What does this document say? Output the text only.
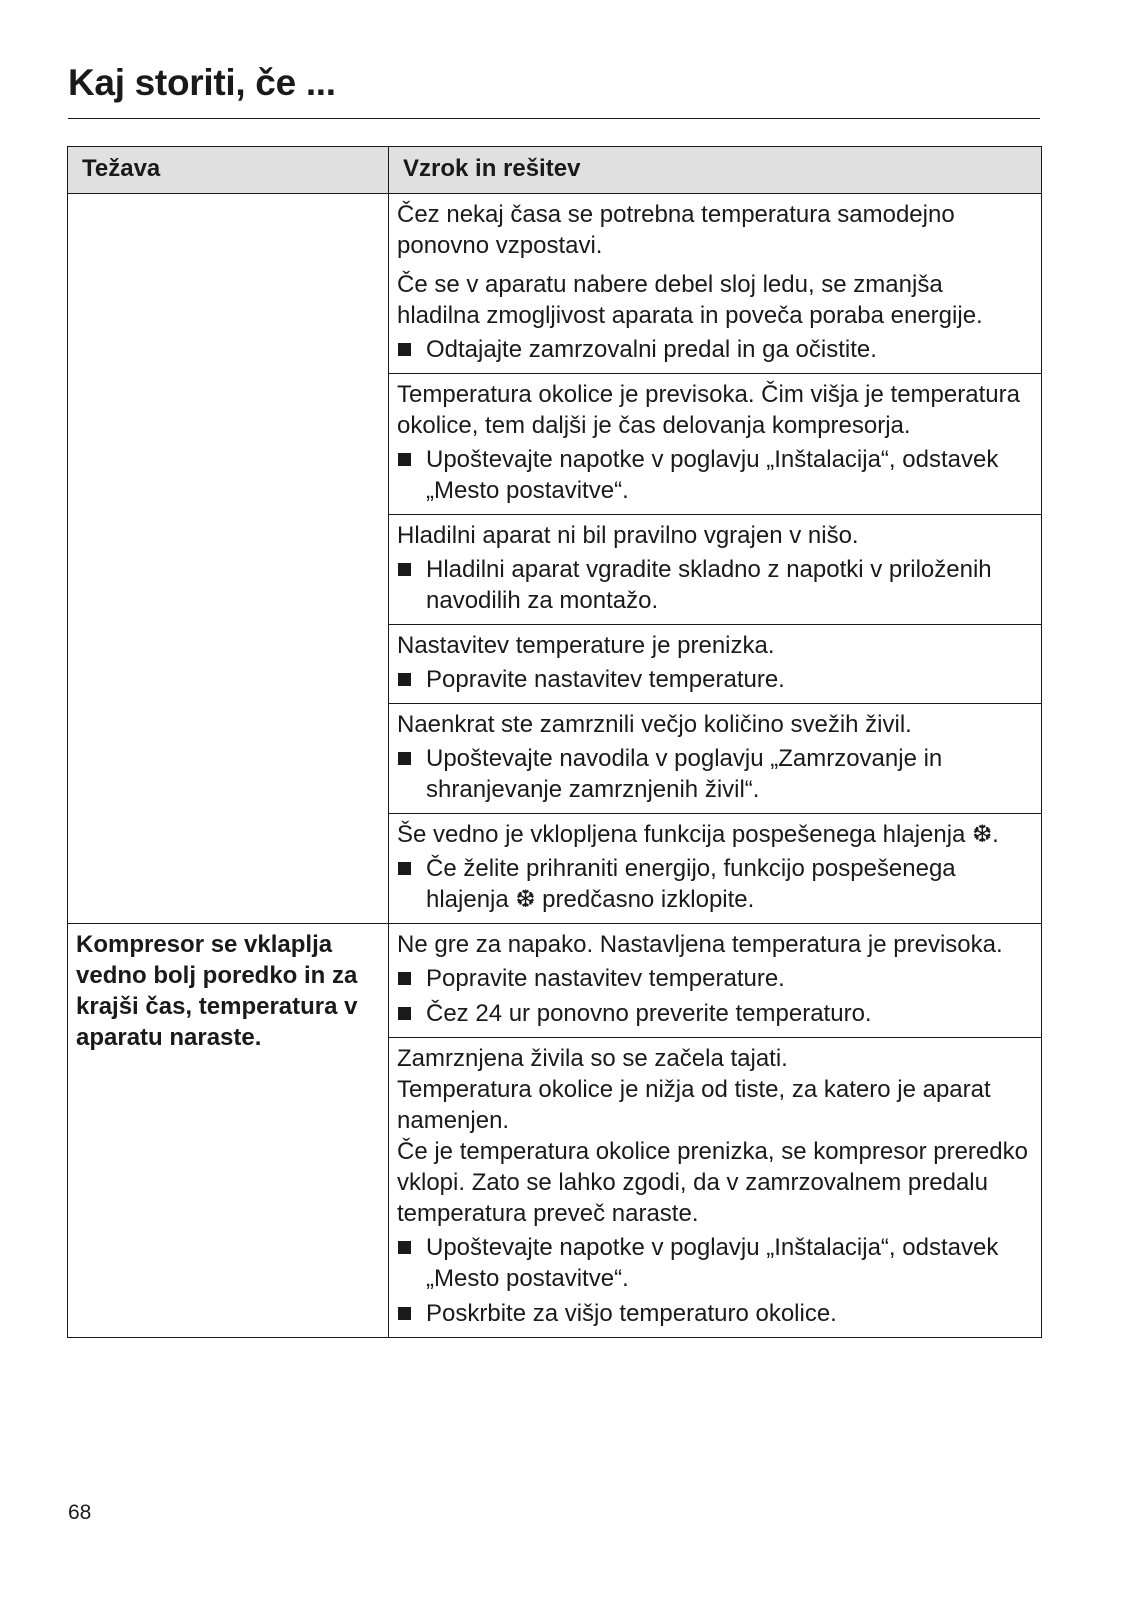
Kaj storiti, če ...
Težava	Vzrok in rešitev

	Čez nekaj časa se potrebna temperatura samodejno ponovno vzpostavi.
Če se v aparatu nabere debel sloj ledu, se zmanjša hladilna zmogljivost aparata in poveča poraba energije.
Odtajajte zamrzovalni predal in ga očistite.

	Temperatura okolice je previsoka. Čim višja je temperatura okolice, tem daljši je čas delovanja kompresorja.
Upoštevajte napotke v poglavju „Inštalacija“, odstavek „Mesto postavitve“.

	Hladilni aparat ni bil pravilno vgrajen v nišo.
Hladilni aparat vgradite skladno z napotki v priloženih navodilih za montažo.

	Nastavitev temperature je prenizka.
Popravite nastavitev temperature.

	Naenkrat ste zamrznili večjo količino svežih živil.
Upoštevajte navodila v poglavju „Zamrzovanje in shranjevanje zamrznjenih živil“.

	Še vedno je vklopljena funkcija pospešenega hlajenja ❆.
Če želite prihraniti energijo, funkcijo pospešenega hlajenja ❆ predčasno izklopite.

Kompresor se vklaplja vedno bolj poredko in za krajši čas, temperatura v aparatu naraste.	Ne gre za napako. Nastavljena temperatura je previsoka.
Popravite nastavitev temperature.
Čez 24 ur ponovno preverite temperaturo.

	Zamrznjena živila so se začela tajati.
Temperatura okolice je nižja od tiste, za katero je aparat namenjen.
Če je temperatura okolice prenizka, se kompresor preredko vklopi. Zato se lahko zgodi, da v zamrzovalnem predalu temperatura preveč naraste.
Upoštevajte napotke v poglavju „Inštalacija“, odstavek „Mesto postavitve“.
Poskrbite za višjo temperaturo okolice.
68
